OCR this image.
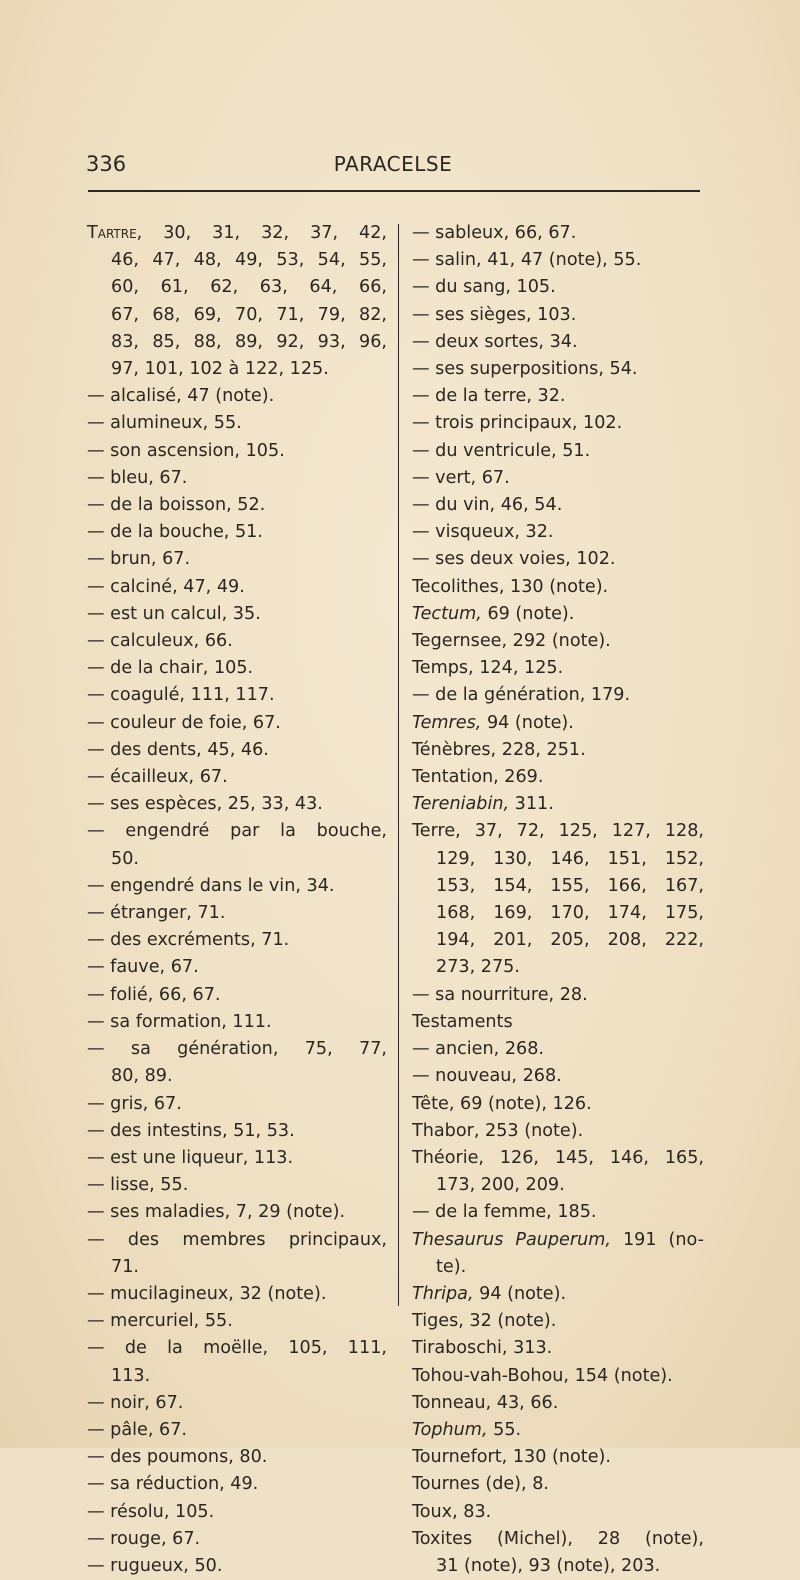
336	PARACELSE
Tartre, 30, 31, 32, 37, 42,
46, 47, 48, 49, 53, 54, 55,
60, 61, 62, 63, 64, 66,
67, 68, 69, 70, 71, 79, 82,
83, 85, 88, 89, 92, 93, 96,
97, 101, 102 à 122, 125.
— alcalisé, 47 (note).
— alumineux, 55.
— son ascension, 105.
— bleu, 67.
— de la boisson, 52.
— de la bouche, 51.
— brun, 67.
— calciné, 47, 49.
— est un calcul, 35.
— calculeux, 66.
— de la chair, 105.
— coagulé, 111, 117.
— couleur de foie, 67.
— des dents, 45, 46.
— écailleux, 67.
— ses espèces, 25, 33, 43.
— engendré par la bouche,
50.
— engendré dans le vin, 34.
— étranger, 71.
— des excréments, 71.
— fauve, 67.
— folié, 66, 67.
— sa formation, 111.
— sa génération, 75, 77,
80, 89.
— gris, 67.
— des intestins, 51, 53.
— est une liqueur, 113.
— lisse, 55.
— ses maladies, 7, 29 (note).
— des membres principaux,
71.
— mucilagineux, 32 (note).
— mercuriel, 55.
— de la moëlle, 105, 111,
113.
— noir, 67.
— pâle, 67.
— des poumons, 80.
— sa réduction, 49.
— résolu, 105.
— rouge, 67.
— rugueux, 50.
— sableux, 66, 67.
— salin, 41, 47 (note), 55.
— du sang, 105.
— ses sièges, 103.
— deux sortes, 34.
— ses superpositions, 54.
— de la terre, 32.
— trois principaux, 102.
— du ventricule, 51.
— vert, 67.
— du vin, 46, 54.
— visqueux, 32.
— ses deux voies, 102.
Tecolithes, 130 (note).
Tectum, 69 (note).
Tegernsee, 292 (note).
Temps, 124, 125.
— de la génération, 179.
Temres, 94 (note).
Ténèbres, 228, 251.
Tentation, 269.
Tereniabin, 311.
Terre, 37, 72, 125, 127, 128,
129, 130, 146, 151, 152,
153, 154, 155, 166, 167,
168, 169, 170, 174, 175,
194, 201, 205, 208, 222,
273, 275.
— sa nourriture, 28.
Testaments
— ancien, 268.
— nouveau, 268.
Tête, 69 (note), 126.
Thabor, 253 (note).
Théorie, 126, 145, 146, 165,
173, 200, 209.
— de la femme, 185.
Thesaurus Pauperum, 191 (no-
te).
Thripa, 94 (note).
Tiges, 32 (note).
Tiraboschi, 313.
Tohou-vah-Bohou, 154 (note).
Tonneau, 43, 66.
Tophum, 55.
Tournefort, 130 (note).
Tournes (de), 8.
Toux, 83.
Toxites (Michel), 28 (note),
31 (note), 93 (note), 203.
